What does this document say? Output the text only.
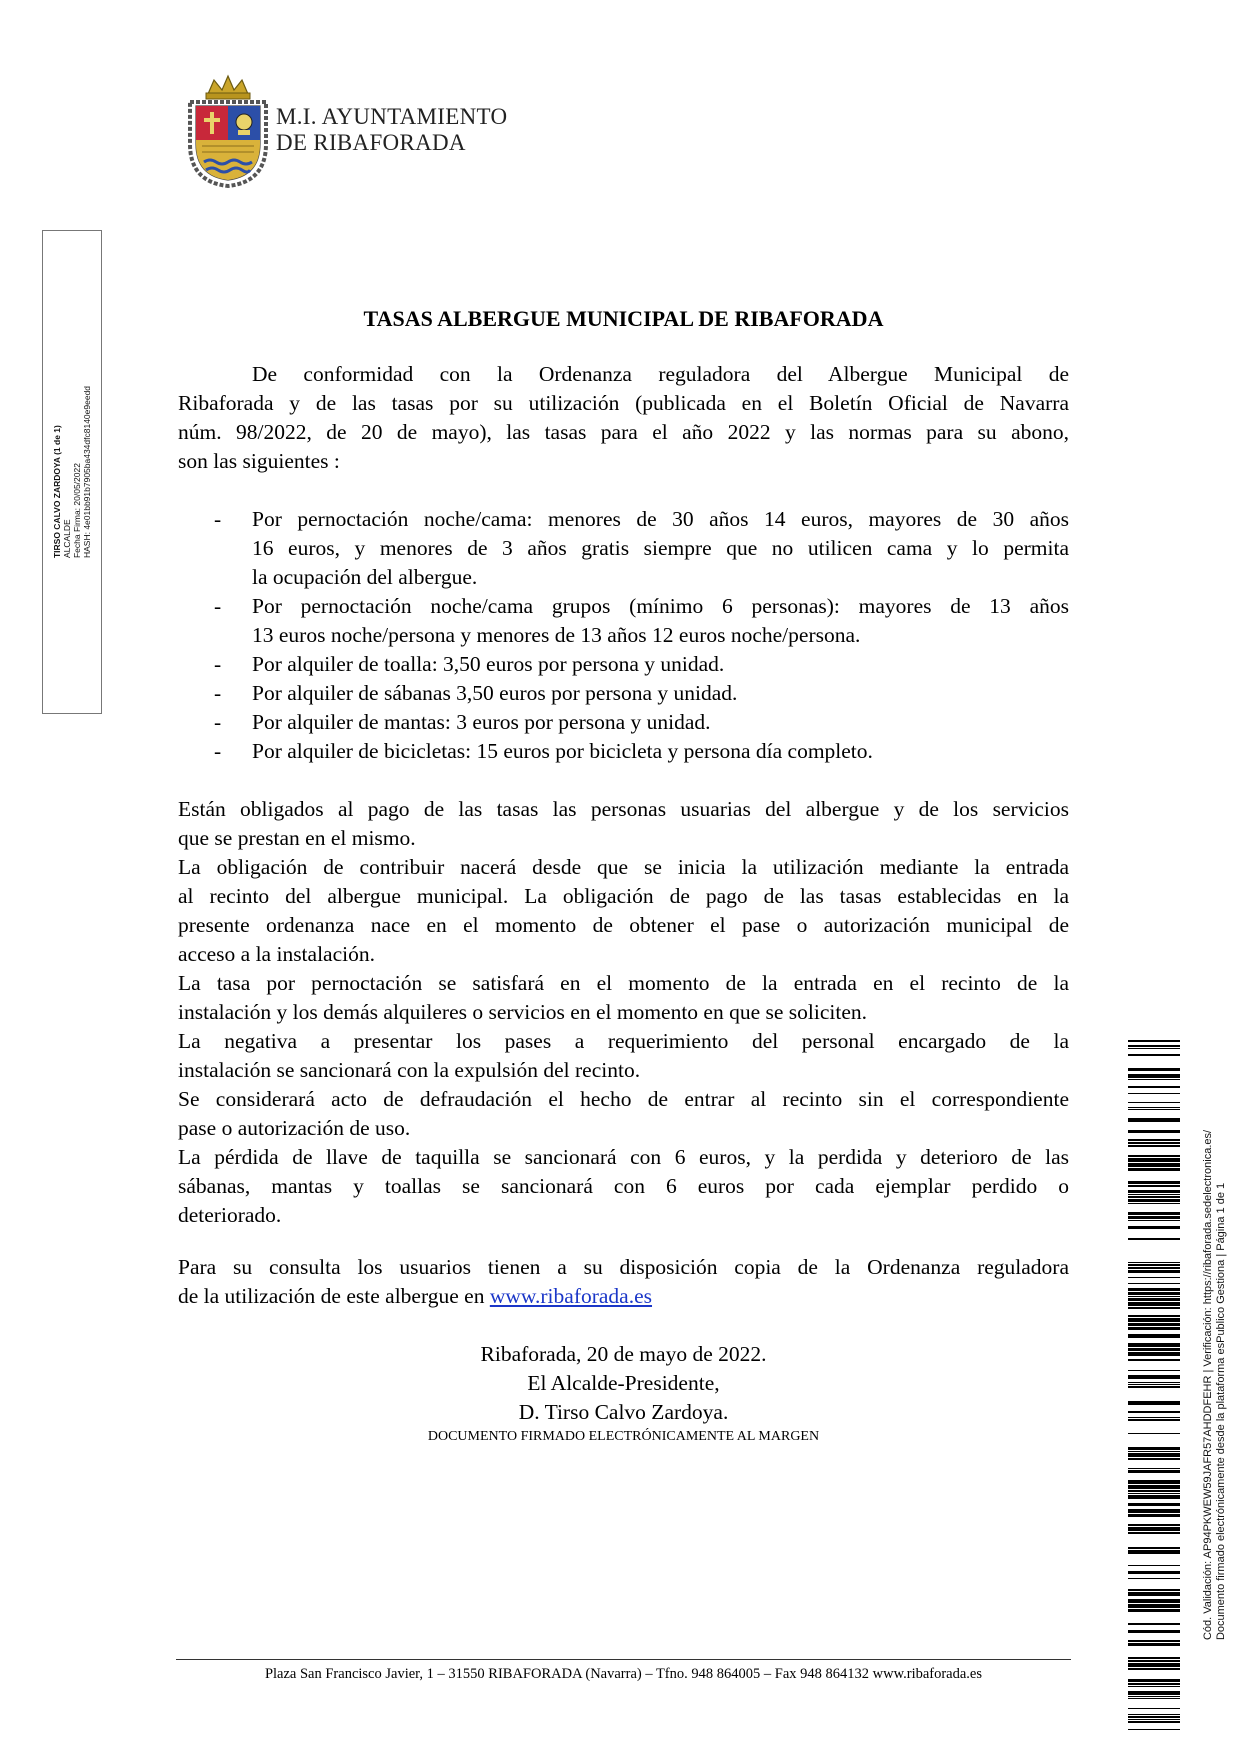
M.I. AYUNTAMIENTO
DE RIBAFORADA
TIRSO CALVO ZARDOYA (1 de 1) ALCALDE Fecha Firma: 20/05/2022 HASH: 4e01bb91b7905ba434dfc8140e9eedd
TASAS ALBERGUE MUNICIPAL DE RIBAFORADA
De conformidad con la Ordenanza reguladora del Albergue Municipal de
Ribaforada y de las tasas por su utilización (publicada en el Boletín Oficial de Navarra
núm. 98/2022, de 20 de mayo), las tasas para el año 2022 y las normas para su abono,
son las siguientes :
- Por pernoctación noche/cama: menores de 30 años 14 euros, mayores de 30 años
16 euros, y menores de 3 años gratis siempre que no utilicen cama y lo permita
la ocupación del albergue.
- Por pernoctación noche/cama grupos (mínimo 6 personas): mayores de 13 años
13 euros noche/persona y menores de 13 años 12 euros noche/persona.
- Por alquiler de toalla: 3,50 euros por persona y unidad.
- Por alquiler de sábanas 3,50 euros por persona y unidad.
- Por alquiler de mantas: 3 euros por persona y unidad.
- Por alquiler de bicicletas: 15 euros por bicicleta y persona día completo.
Están obligados al pago de las tasas las personas usuarias del albergue y de los servicios
que se prestan en el mismo.
La obligación de contribuir nacerá desde que se inicia la utilización mediante la entrada
al recinto del albergue municipal. La obligación de pago de las tasas establecidas en la
presente ordenanza nace en el momento de obtener el pase o autorización municipal de
acceso a la instalación.
La tasa por pernoctación se satisfará en el momento de la entrada en el recinto de la
instalación y los demás alquileres o servicios en el momento en que se soliciten.
La negativa a presentar los pases a requerimiento del personal encargado de la
instalación se sancionará con la expulsión del recinto.
Se considerará acto de defraudación el hecho de entrar al recinto sin el correspondiente
pase o autorización de uso.
La pérdida de llave de taquilla se sancionará con 6 euros, y la perdida y deterioro de las
sábanas, mantas y toallas se sancionará con 6 euros por cada ejemplar perdido o
deteriorado.
Para su consulta los usuarios tienen a su disposición copia de la Ordenanza reguladora
de la utilización de este albergue en www.ribaforada.es
Ribaforada, 20 de mayo de 2022.
El Alcalde-Presidente,
D. Tirso Calvo Zardoya.
DOCUMENTO FIRMADO ELECTRÓNICAMENTE AL MARGEN
Plaza San Francisco Javier, 1 – 31550 RIBAFORADA (Navarra) – Tfno. 948 864005 – Fax 948 864132 www.ribaforada.es
Cód. Validación: AP94PKWEW59JAFR57AHDDFEHR | Verificación: https://ribaforada.sedelectronica.es/ Documento firmado electrónicamente desde la plataforma esPublico Gestiona | Página 1 de 1
